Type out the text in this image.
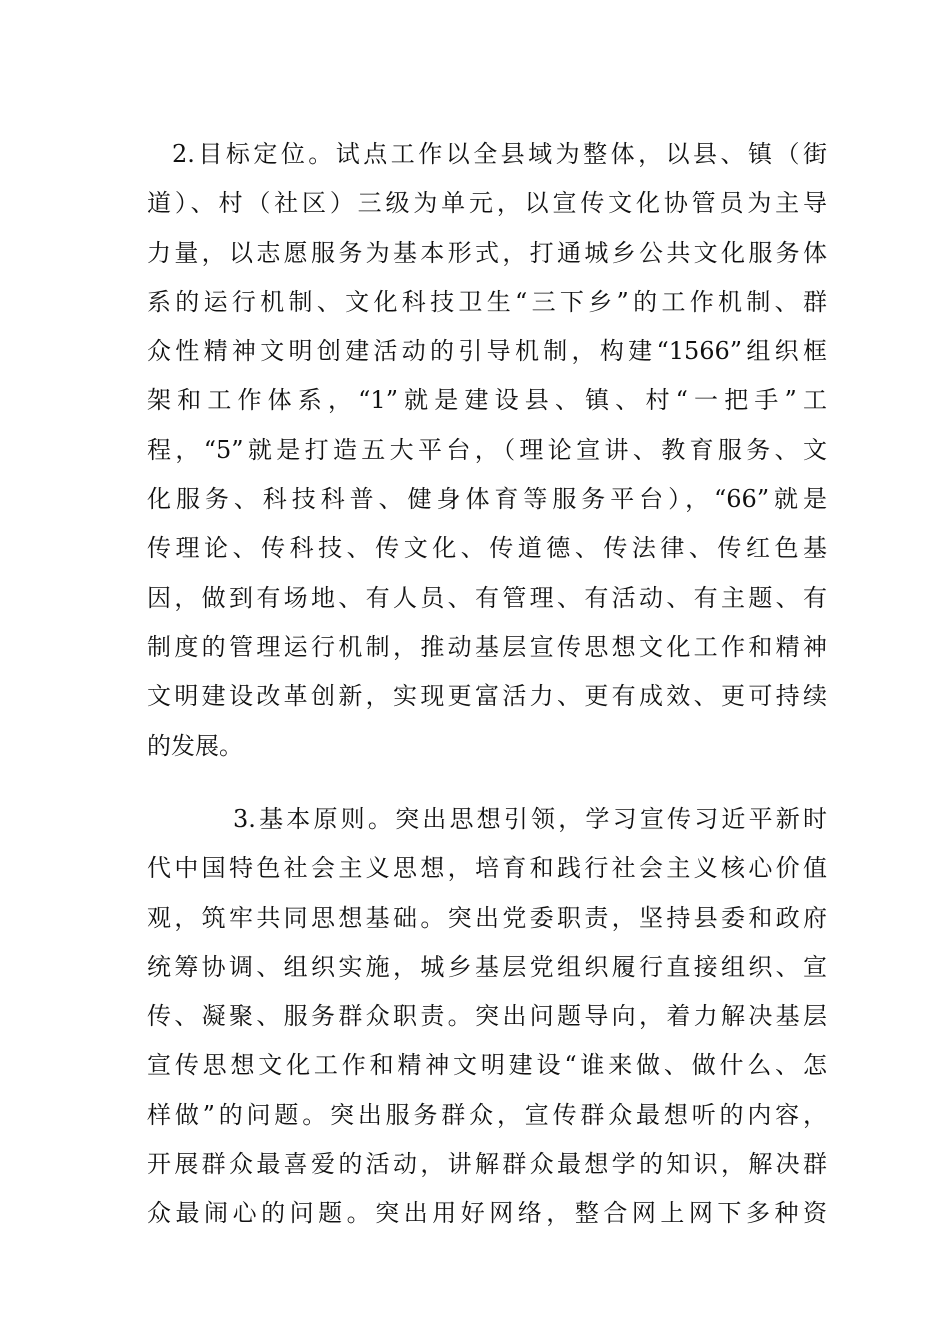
2.目标定位。试点工作以全县域为整体，以县、镇（街
道）、村（社区）三级为单元，以宣传文化协管员为主导
力量，以志愿服务为基本形式，打通城乡公共文化服务体
系的运行机制、文化科技卫生“三下乡”的工作机制、群
众性精神文明创建活动的引导机制，构建“1566”组织框
架和工作体系，“1”就是建设县、镇、村“一把手”工
程，“5”就是打造五大平台，（理论宣讲、教育服务、文
化服务、科技科普、健身体育等服务平台），“66”就是
传理论、传科技、传文化、传道德、传法律、传红色基
因，做到有场地、有人员、有管理、有活动、有主题、有
制度的管理运行机制，推动基层宣传思想文化工作和精神
文明建设改革创新，实现更富活力、更有成效、更可持续
的发展。
3.基本原则。突出思想引领，学习宣传习近平新时
代中国特色社会主义思想，培育和践行社会主义核心价值
观，筑牢共同思想基础。突出党委职责，坚持县委和政府
统筹协调、组织实施，城乡基层党组织履行直接组织、宣
传、凝聚、服务群众职责。突出问题导向，着力解决基层
宣传思想文化工作和精神文明建设“谁来做、做什么、怎
样做”的问题。突出服务群众，宣传群众最想听的内容，
开展群众最喜爱的活动，讲解群众最想学的知识，解决群
众最闹心的问题。突出用好网络，整合网上网下多种资
